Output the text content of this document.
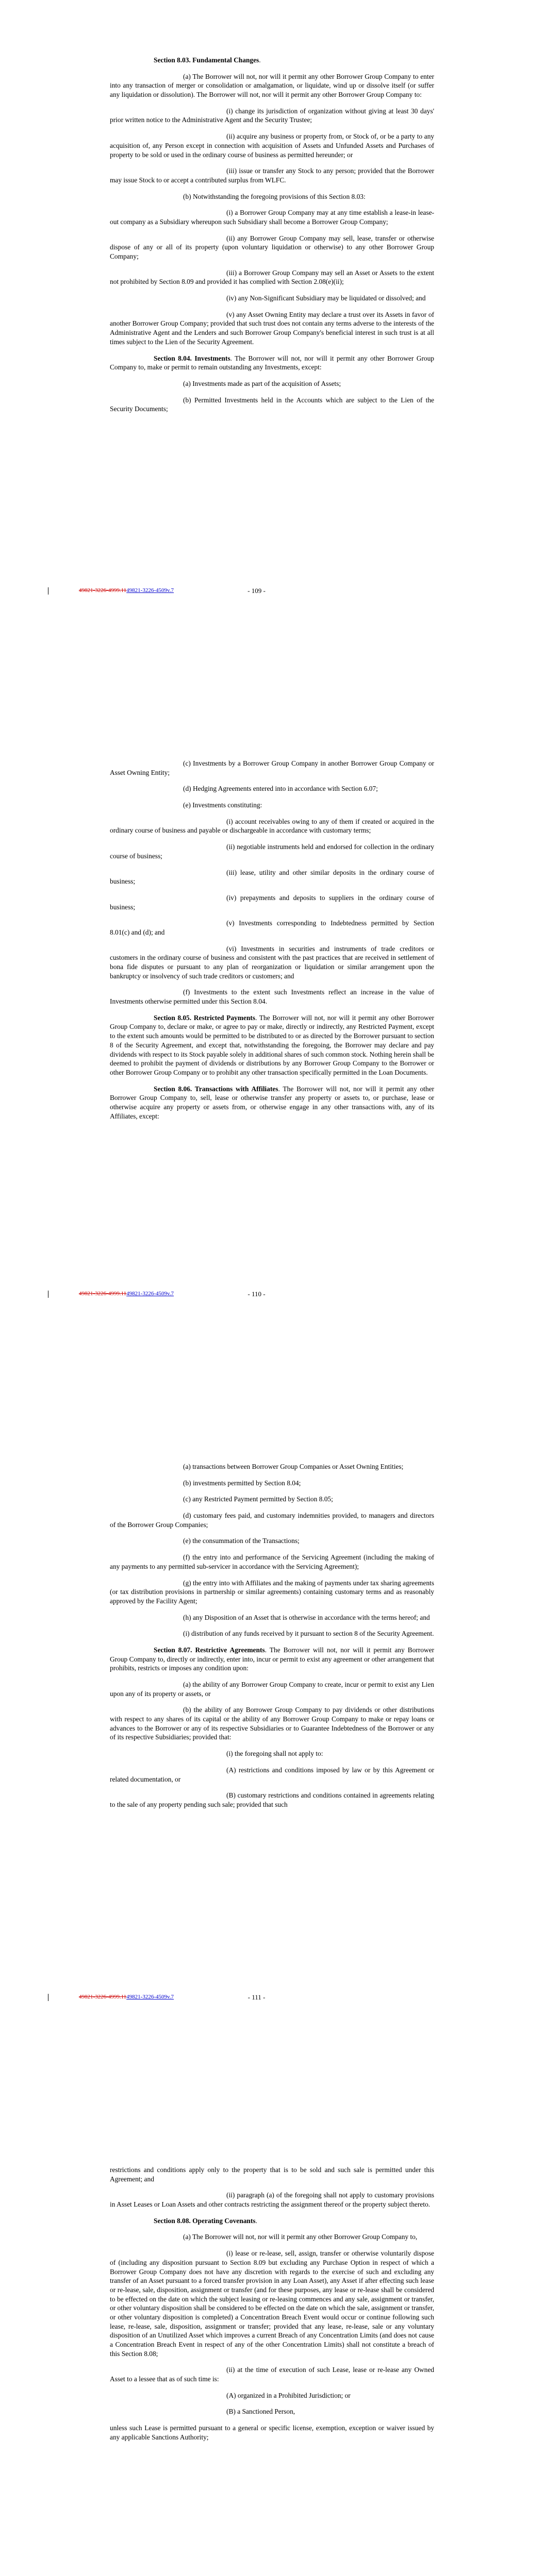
Section 8.03. Fundamental Changes.

(a) The Borrower will not, nor will it permit any other Borrower Group Company to enter into any transaction of merger or consolidation or amalgamation, or liquidate, wind up or dissolve itself (or suffer any liquidation or dissolution). The Borrower will not, nor will it permit any other Borrower Group Company to:

(i) change its jurisdiction of organization without giving at least 30 days' prior written notice to the Administrative Agent and the Security Trustee;

(ii) acquire any business or property from, or Stock of, or be a party to any acquisition of, any Person except in connection with acquisition of Assets and Unfunded Assets and Purchases of property to be sold or used in the ordinary course of business as permitted hereunder; or

(iii) issue or transfer any Stock to any person; provided that the Borrower may issue Stock to or accept a contributed surplus from WLFC.

(b) Notwithstanding the foregoing provisions of this Section 8.03:

(i) a Borrower Group Company may at any time establish a lease-in lease-out company as a Subsidiary whereupon such Subsidiary shall become a Borrower Group Company;

(ii) any Borrower Group Company may sell, lease, transfer or otherwise dispose of any or all of its property (upon voluntary liquidation or otherwise) to any other Borrower Group Company;

(iii) a Borrower Group Company may sell an Asset or Assets to the extent not prohibited by Section 8.09 and provided it has complied with Section 2.08(e)(ii);

(iv) any Non-Significant Subsidiary may be liquidated or dissolved; and

(v) any Asset Owning Entity may declare a trust over its Assets in favor of another Borrower Group Company; provided that such trust does not contain any terms adverse to the interests of the Administrative Agent and the Lenders and such Borrower Group Company's beneficial interest in such trust is at all times subject to the Lien of the Security Agreement.

Section 8.04. Investments. The Borrower will not, nor will it permit any other Borrower Group Company to, make or permit to remain outstanding any Investments, except:

(a) Investments made as part of the acquisition of Assets;

(b) Permitted Investments held in the Accounts which are subject to the Lien of the Security Documents;

49821-3226-4999.1149821-3226-4509v.7	- 109 -

(c) Investments by a Borrower Group Company in another Borrower Group Company or Asset Owning Entity;

(d) Hedging Agreements entered into in accordance with Section 6.07;

(e) Investments constituting:

(i) account receivables owing to any of them if created or acquired in the ordinary course of business and payable or dischargeable in accordance with customary terms;

(ii) negotiable instruments held and endorsed for collection in the ordinary course of business;

(iii) lease, utility and other similar deposits in the ordinary course of business;

(iv) prepayments and deposits to suppliers in the ordinary course of business;

(v) Investments corresponding to Indebtedness permitted by Section 8.01(c) and (d); and

(vi) Investments in securities and instruments of trade creditors or customers in the ordinary course of business and consistent with the past practices that are received in settlement of bona fide disputes or pursuant to any plan of reorganization or liquidation or similar arrangement upon the bankruptcy or insolvency of such trade creditors or customers; and

(f) Investments to the extent such Investments reflect an increase in the value of Investments otherwise permitted under this Section 8.04.

Section 8.05. Restricted Payments. The Borrower will not, nor will it permit any other Borrower Group Company to, declare or make, or agree to pay or make, directly or indirectly, any Restricted Payment, except to the extent such amounts would be permitted to be distributed to or as directed by the Borrower pursuant to section 8 of the Security Agreement, and except that, notwithstanding the foregoing, the Borrower may declare and pay dividends with respect to its Stock payable solely in additional shares of such common stock. Nothing herein shall be deemed to prohibit the payment of dividends or distributions by any Borrower Group Company to the Borrower or other Borrower Group Company or to prohibit any other transaction specifically permitted in the Loan Documents.

Section 8.06. Transactions with Affiliates. The Borrower will not, nor will it permit any other Borrower Group Company to, sell, lease or otherwise transfer any property or assets to, or purchase, lease or otherwise acquire any property or assets from, or otherwise engage in any other transactions with, any of its Affiliates, except:

49821-3226-4999.1149821-3226-4509v.7	- 110 -

(a) transactions between Borrower Group Companies or Asset Owning Entities;

(b) investments permitted by Section 8.04;

(c) any Restricted Payment permitted by Section 8.05;

(d) customary fees paid, and customary indemnities provided, to managers and directors of the Borrower Group Companies;

(e) the consummation of the Transactions;

(f) the entry into and performance of the Servicing Agreement (including the making of any payments to any permitted sub-servicer in accordance with the Servicing Agreement);

(g) the entry into with Affiliates and the making of payments under tax sharing agreements (or tax distribution provisions in partnership or similar agreements) containing customary terms and as reasonably approved by the Facility Agent;

(h) any Disposition of an Asset that is otherwise in accordance with the terms hereof; and

(i) distribution of any funds received by it pursuant to section 8 of the Security Agreement.

Section 8.07. Restrictive Agreements. The Borrower will not, nor will it permit any Borrower Group Company to, directly or indirectly, enter into, incur or permit to exist any agreement or other arrangement that prohibits, restricts or imposes any condition upon:

(a) the ability of any Borrower Group Company to create, incur or permit to exist any Lien upon any of its property or assets, or

(b) the ability of any Borrower Group Company to pay dividends or other distributions with respect to any shares of its capital or the ability of any Borrower Group Company to make or repay loans or advances to the Borrower or any of its respective Subsidiaries or to Guarantee Indebtedness of the Borrower or any of its respective Subsidiaries; provided that:

(i) the foregoing shall not apply to:

(A) restrictions and conditions imposed by law or by this Agreement or related documentation, or

(B) customary restrictions and conditions contained in agreements relating to the sale of any property pending such sale; provided that such

49821-3226-4999.1149821-3226-4509v.7	- 111 -

restrictions and conditions apply only to the property that is to be sold and such sale is permitted under this Agreement; and

(ii) paragraph (a) of the foregoing shall not apply to customary provisions in Asset Leases or Loan Assets and other contracts restricting the assignment thereof or the property subject thereto.

Section 8.08. Operating Covenants.

(a) The Borrower will not, nor will it permit any other Borrower Group Company to,

(i) lease or re-lease, sell, assign, transfer or otherwise voluntarily dispose of (including any disposition pursuant to Section 8.09 but excluding any Purchase Option in respect of which a Borrower Group Company does not have any discretion with regards to the exercise of such and excluding any transfer of an Asset pursuant to a forced transfer provision in any Loan Asset), any Asset if after effecting such lease or re-lease, sale, disposition, assignment or transfer (and for these purposes, any lease or re-lease shall be considered to be effected on the date on which the subject leasing or re-leasing commences and any sale, assignment or transfer, or other voluntary disposition shall be considered to be effected on the date on which the sale, assignment or transfer, or other voluntary disposition is completed) a Concentration Breach Event would occur or continue following such lease, re-lease, sale, disposition, assignment or transfer; provided that any lease, re-lease, sale or any voluntary disposition of an Unutilized Asset which improves a current Breach of any Concentration Limits (and does not cause a Concentration Breach Event in respect of any of the other Concentration Limits) shall not constitute a breach of this Section 8.08;

(ii) at the time of execution of such Lease, lease or re-lease any Owned Asset to a lessee that as of such time is:

(A) organized in a Prohibited Jurisdiction; or

(B) a Sanctioned Person,

unless such Lease is permitted pursuant to a general or specific license, exemption, exception or waiver issued by any applicable Sanctions Authority;
